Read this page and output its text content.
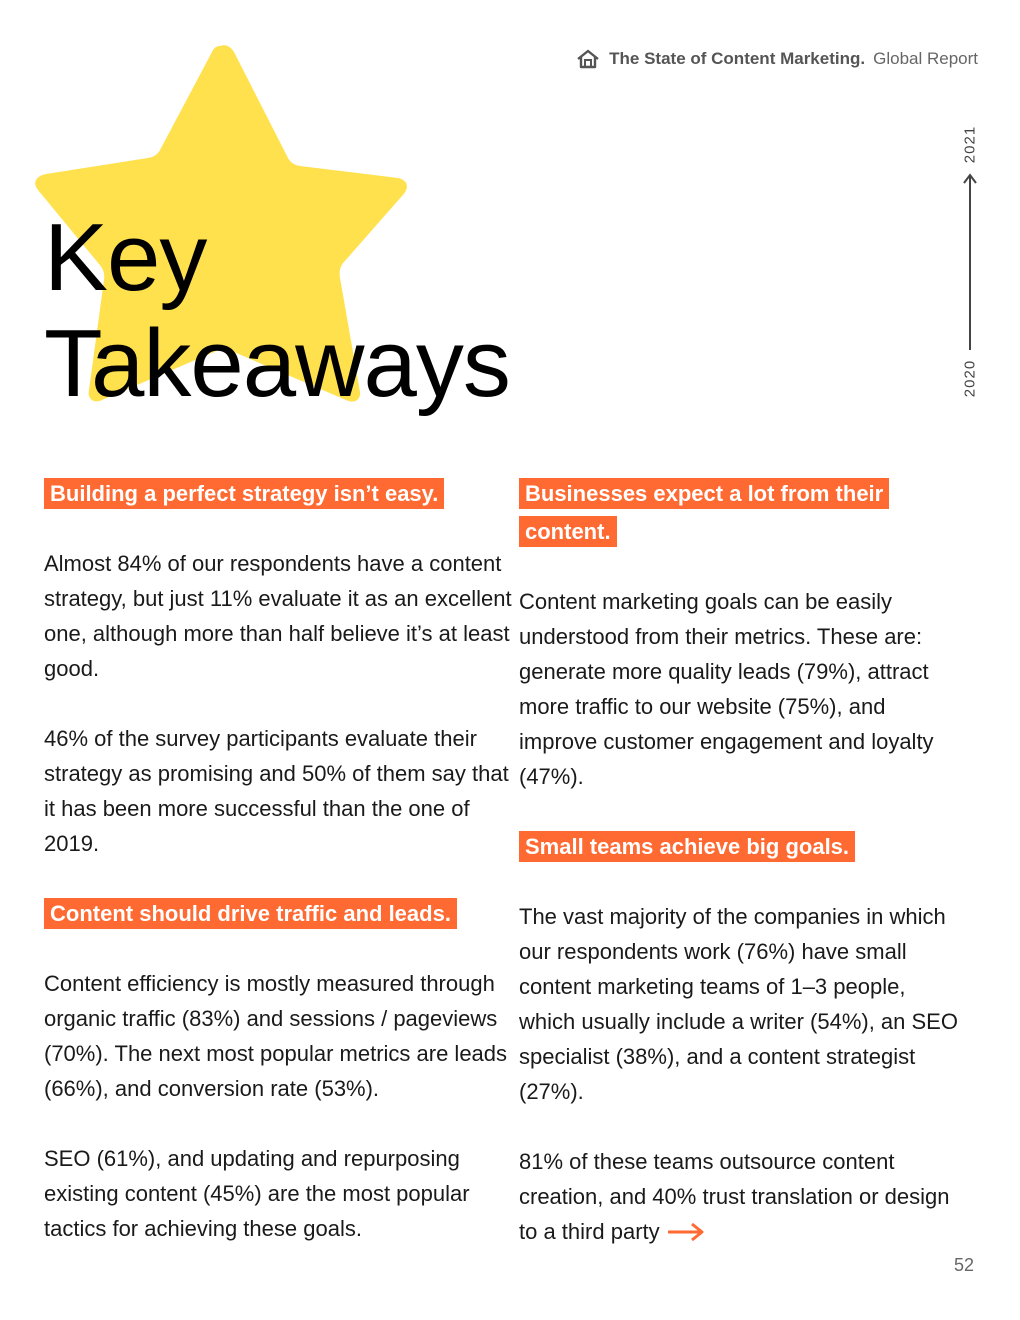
The State of Content Marketing. Global Report
Key
Takeaways
2021
2020
Building a perfect strategy isn’t easy.

Almost 84% of our respondents have a content strategy, but just 11% evaluate it as an excellent one, although more than half believe it’s at least good.

46% of the survey participants evaluate their strategy as promising and 50% of them say that it has been more successful than the one of 2019.

Content should drive traffic and leads.

Content efficiency is mostly measured through organic traffic (83%) and sessions / pageviews (70%). The next most popular metrics are leads (66%), and conversion rate (53%).

SEO (61%), and updating and repurposing existing content (45%) are the most popular tactics for achieving these goals.

Businesses expect a lot from their content.

Content marketing goals can be easily understood from their metrics. These are: generate more quality leads (79%), attract more traffic to our website (75%), and improve customer engagement and loyalty (47%).

Small teams achieve big goals.

The vast majority of the companies in which our respondents work (76%) have small content marketing teams of 1–3 people, which usually include a writer (54%), an SEO specialist (38%), and a content strategist (27%).

81% of these teams outsource content creation, and 40% trust translation or design to a third party

52
